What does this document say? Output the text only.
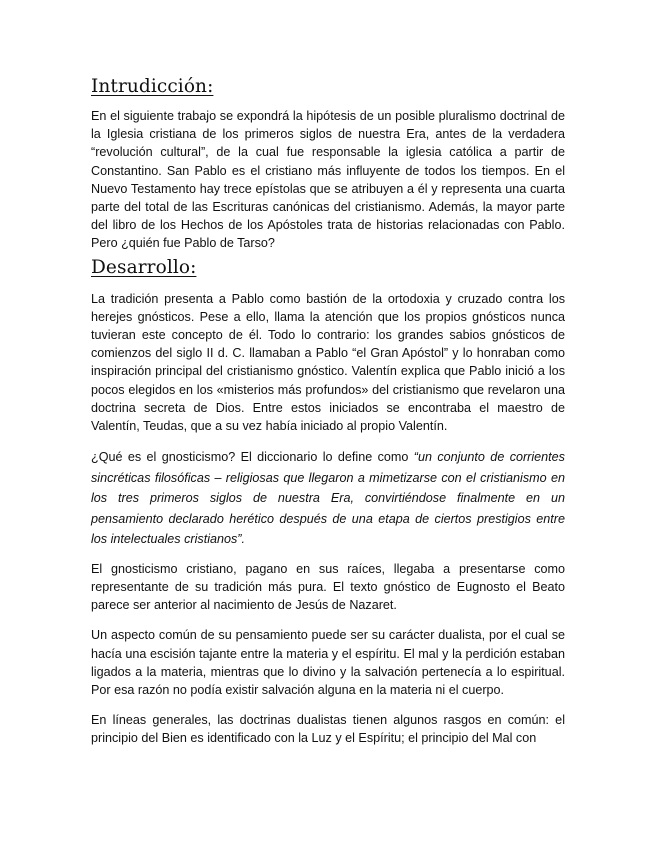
Intrudicción:

En el siguiente trabajo se expondrá la hipótesis de un posible pluralismo doctrinal de la Iglesia cristiana de los primeros siglos de nuestra Era, antes de la verdadera “revolución cultural”, de la cual fue responsable la iglesia católica a partir de Constantino. San Pablo es el cristiano más influyente de todos los tiempos. En el Nuevo Testamento hay trece epístolas que se atribuyen a él y representa una cuarta parte del total de las Escrituras canónicas del cristianismo. Además, la mayor parte del libro de los Hechos de los Apóstoles trata de historias relacionadas con Pablo. Pero ¿quién fue Pablo de Tarso?

Desarrollo:

La tradición presenta a Pablo como bastión de la ortodoxia y cruzado contra los herejes gnósticos. Pese a ello, llama la atención que los propios gnósticos nunca tuvieran este concepto de él. Todo lo contrario: los grandes sabios gnósticos de comienzos del siglo II d. C. llamaban a Pablo “el Gran Apóstol” y lo honraban como inspiración principal del cristianismo gnóstico. Valentín explica que Pablo inició a los pocos elegidos en los «misterios más profundos» del cristianismo que revelaron una doctrina secreta de Dios. Entre estos iniciados se encontraba el maestro de Valentín, Teudas, que a su vez había iniciado al propio Valentín.

¿Qué es el gnosticismo? El diccionario lo define como “un conjunto de corrientes sincréticas filosóficas – religiosas que llegaron a mimetizarse con el cristianismo en los tres primeros siglos de nuestra Era, convirtiéndose finalmente en un pensamiento declarado herético después de una etapa de ciertos prestigios entre los intelectuales cristianos”.

El gnosticismo cristiano, pagano en sus raíces, llegaba a presentarse como representante de su tradición más pura. El texto gnóstico de Eugnosto el Beato parece ser anterior al nacimiento de Jesús de Nazaret.

Un aspecto común de su pensamiento puede ser su carácter dualista, por el cual se hacía una escisión tajante entre la materia y el espíritu. El mal y la perdición estaban ligados a la materia, mientras que lo divino y la salvación pertenecía a lo espiritual. Por esa razón no podía existir salvación alguna en la materia ni el cuerpo.

En líneas generales, las doctrinas dualistas tienen algunos rasgos en común: el principio del Bien es identificado con la Luz y el Espíritu; el principio del Mal con
